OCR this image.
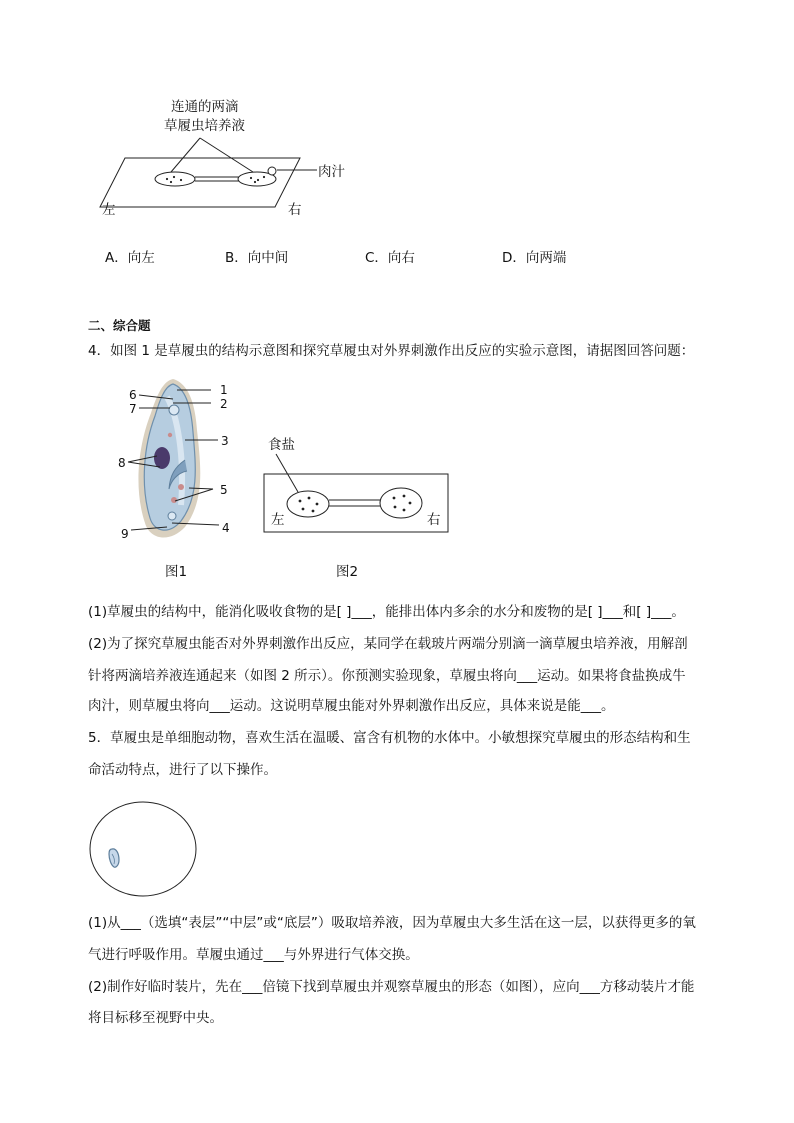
连通的两滴
草履虫培养液
肉汁
左	右
A．向左	B．向中间	C．向右	D．向两端
二、综合题
4．如图 1 是草履虫的结构示意图和探究草履虫对外界刺激作出反应的实验示意图，请据图回答问题：
1
2
3
4
5
6
7
8
9
图1
食盐
左	右
图2
(1)草履虫的结构中，能消化吸收食物的是[ ]___，能排出体内多余的水分和废物的是[ ]___和[ ]___。
(2)为了探究草履虫能否对外界刺激作出反应，某同学在载玻片两端分别滴一滴草履虫培养液，用解剖
针将两滴培养液连通起来（如图 2 所示）。你预测实验现象，草履虫将向___运动。如果将食盐换成牛
肉汁，则草履虫将向___运动。这说明草履虫能对外界刺激作出反应，具体来说是能___。
5．草履虫是单细胞动物，喜欢生活在温暖、富含有机物的水体中。小敏想探究草履虫的形态结构和生
命活动特点，进行了以下操作。
(1)从___（选填“表层”“中层”或“底层”）吸取培养液，因为草履虫大多生活在这一层，以获得更多的氧
气进行呼吸作用。草履虫通过___与外界进行气体交换。
(2)制作好临时装片，先在___倍镜下找到草履虫并观察草履虫的形态（如图），应向___方移动装片才能
将目标移至视野中央。
